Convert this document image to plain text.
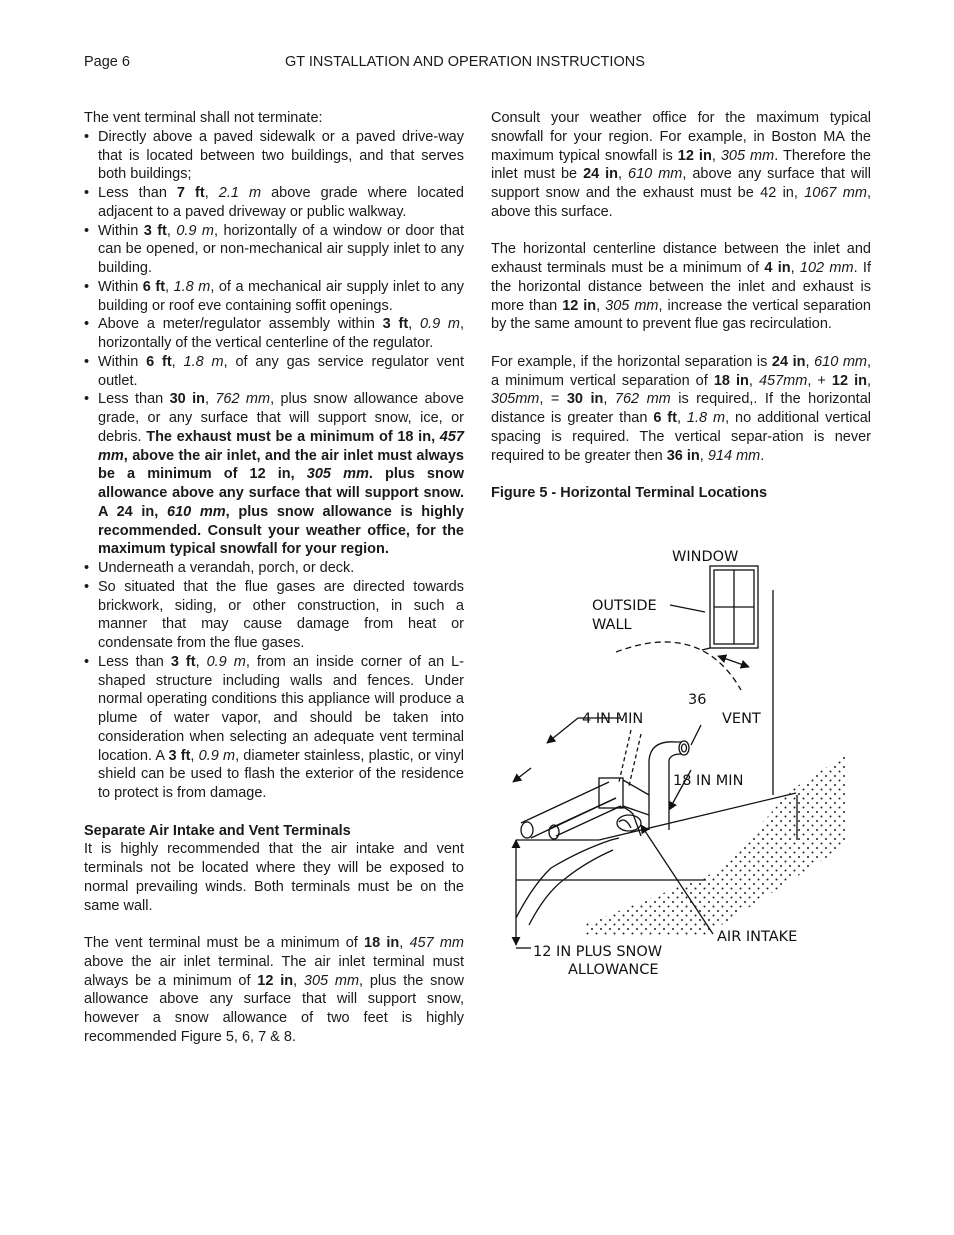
Page 6	GT INSTALLATION AND OPERATION INSTRUCTIONS

The vent terminal shall not terminate:

• Directly above a paved sidewalk or a paved drive-way that is located between two buildings, and that serves both buildings;
• Less than 7 ft, 2.1 m above grade where located adjacent to a paved driveway or public walkway.
• Within 3 ft, 0.9 m, horizontally of a window or door that can be opened, or non-mechanical air supply inlet to any building.
• Within 6 ft, 1.8 m, of a mechanical air supply inlet to any building or roof eve containing soffit openings.
• Above a meter/regulator assembly within 3 ft, 0.9 m, horizontally of the vertical centerline of the regulator.
• Within 6 ft, 1.8 m, of any gas service regulator vent outlet.
• Less than 30 in, 762 mm, plus snow allowance above grade, or any surface that will support snow, ice, or debris. The exhaust must be a minimum of 18 in, 457 mm, above the air inlet, and the air inlet must always be a minimum of 12 in, 305 mm. plus snow allowance above any surface that will support snow. A 24 in, 610 mm, plus snow allowance is highly recommended. Consult your weather office, for the maximum typical snowfall for your region.
• Underneath a verandah, porch, or deck.
• So situated that the flue gases are directed towards brickwork, siding, or other construction, in such a manner that may cause damage from heat or condensate from the flue gases.
• Less than 3 ft, 0.9 m, from an inside corner of an L-shaped structure including walls and fences. Under normal operating conditions this appliance will produce a plume of water vapor, and should be taken into consideration when selecting an adequate vent terminal location. A 3 ft, 0.9 m, diameter stainless, plastic, or vinyl shield can be used to flash the exterior of the residence to protect is from damage.

Separate Air Intake and Vent Terminals

It is highly recommended that the air intake and vent terminals not be located where they will be exposed to normal prevailing winds. Both terminals must be on the same wall.

The vent terminal must be a minimum of 18 in, 457 mm above the air inlet terminal. The air inlet terminal must always be a minimum of 12 in, 305 mm, plus the snow allowance above any surface that will support snow, however a snow allowance of two feet is highly recommended Figure 5, 6, 7 & 8.

Consult your weather office for the maximum typical snowfall for your region. For example, in Boston MA the maximum typical snowfall is 12 in, 305 mm. Therefore the inlet must be 24 in, 610 mm, above any surface that will support snow and the exhaust must be 42 in, 1067 mm, above this surface.

The horizontal centerline distance between the inlet and exhaust terminals must be a minimum of 4 in, 102 mm. If the horizontal distance between the inlet and exhaust is more than 12 in, 305 mm, increase the vertical separation by the same amount to prevent flue gas recirculation.

For example, if the horizontal separation is 24 in, 610 mm, a minimum vertical separation of 18 in, 457mm, + 12 in, 305mm, = 30 in, 762 mm is required,. If the horizontal distance is greater than 6 ft, 1.8 m, no additional vertical spacing is required. The vertical separ-ation is never required to be greater then 36 in, 914 mm.

Figure 5 - Horizontal Terminal Locations

WINDOW
OUTSIDE
WALL
36
4 IN MIN	VENT
18 IN MIN
AIR INTAKE
12 IN PLUS SNOW
ALLOWANCE
